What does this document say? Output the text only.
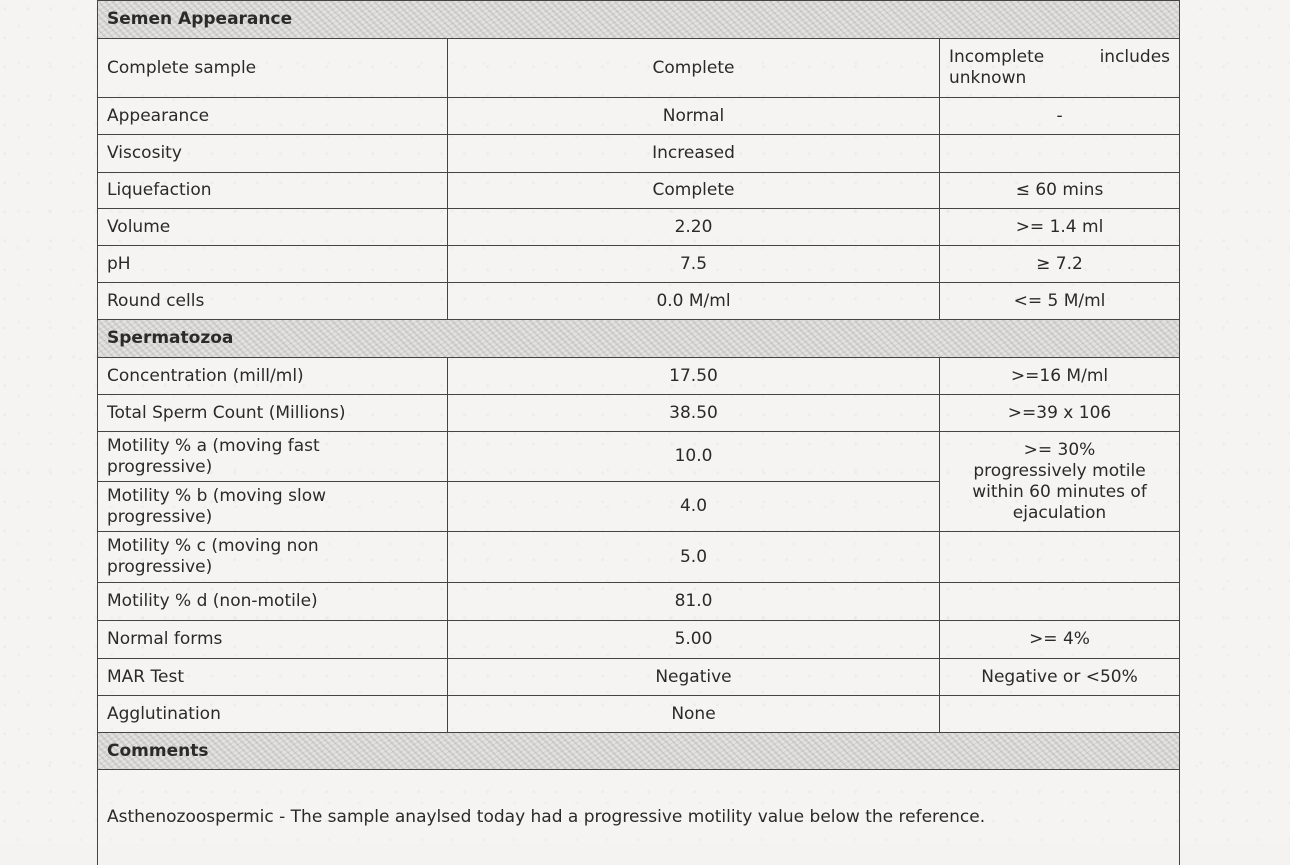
Semen Appearance		
Complete sample	Complete	Incomplete includes
unknown

Appearance	Normal	-
Viscosity	Increased	
Liquefaction	Complete	≤ 60 mins
Volume	2.20	>= 1.4 ml
pH	7.5	≥ 7.2
Round cells	0.0 M/ml	<= 5 M/ml
Spermatozoa		
Concentration (mill/ml)	17.50	>=16 M/ml
Total Sperm Count (Millions)	38.50	>=39 x 106

Motility % a (moving fast
progressive)	10.0	>= 30%
progressively motile
within 60 minutes of
ejaculation

Motility % b (moving slow
progressive)	4.0	

Motility % c (moving non
progressive)	5.0	
Motility % d (non-motile)	81.0	
Normal forms	5.00	>= 4%
MAR Test	Negative	Negative or <50%
Agglutination	None	
Comments		
Asthenozoospermic - The sample anaylsed today had a progressive motility value below the reference.		
